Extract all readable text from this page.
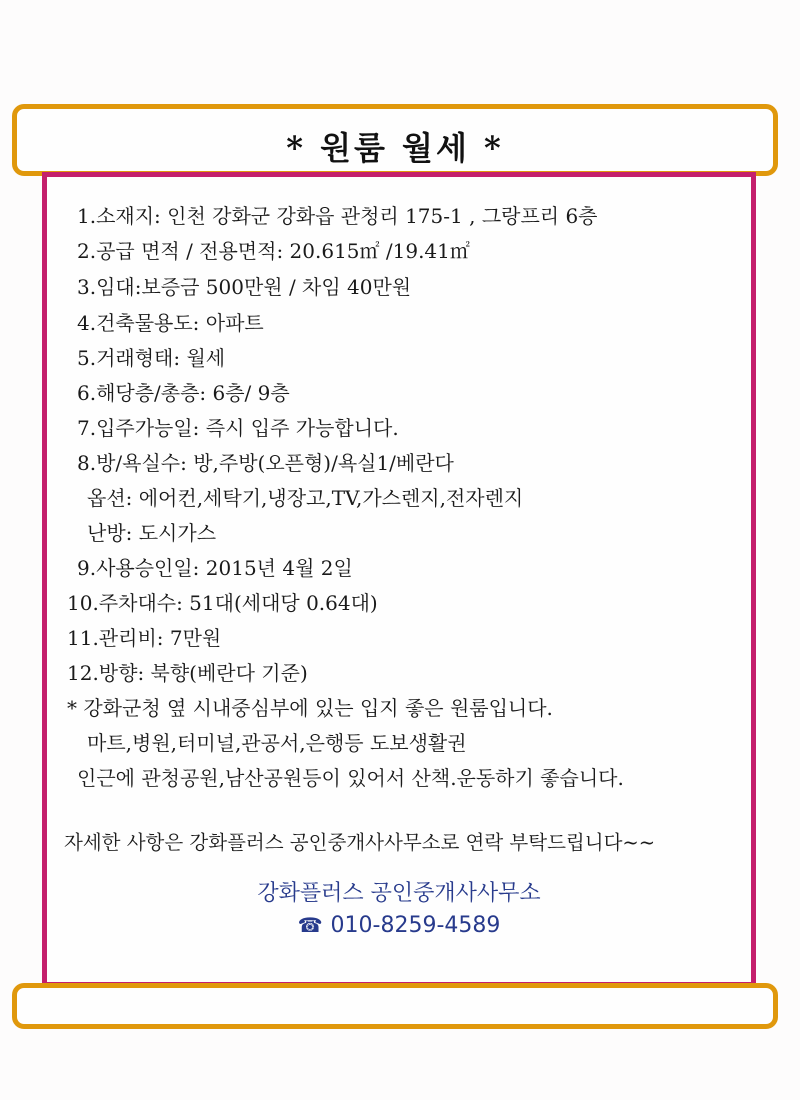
* 원룸 월세 *
1.소재지: 인천 강화군 강화읍 관청리 175-1 , 그랑프리 6층
2.공급 면적 / 전용면적: 20.615㎡ /19.41㎡
3.임대:보증금 500만원 / 차임 40만원
4.건축물용도: 아파트
5.거래형태: 월세
6.해당층/총층: 6층/ 9층
7.입주가능일: 즉시 입주 가능합니다.
8.방/욕실수: 방,주방(오픈형)/욕실1/베란다
옵션: 에어컨,세탁기,냉장고,TV,가스렌지,전자렌지
난방: 도시가스
9.사용승인일: 2015년 4월 2일
10.주차대수: 51대(세대당 0.64대)
11.관리비: 7만원
12.방향: 북향(베란다 기준)
* 강화군청 옆 시내중심부에 있는 입지 좋은 원룸입니다.
마트,병원,터미널,관공서,은행등 도보생활권
인근에 관청공원,남산공원등이 있어서 산책.운동하기 좋습니다.
자세한 사항은 강화플러스 공인중개사사무소로 연락 부탁드립니다~~
강화플러스 공인중개사사무소
☎ 010-8259-4589
